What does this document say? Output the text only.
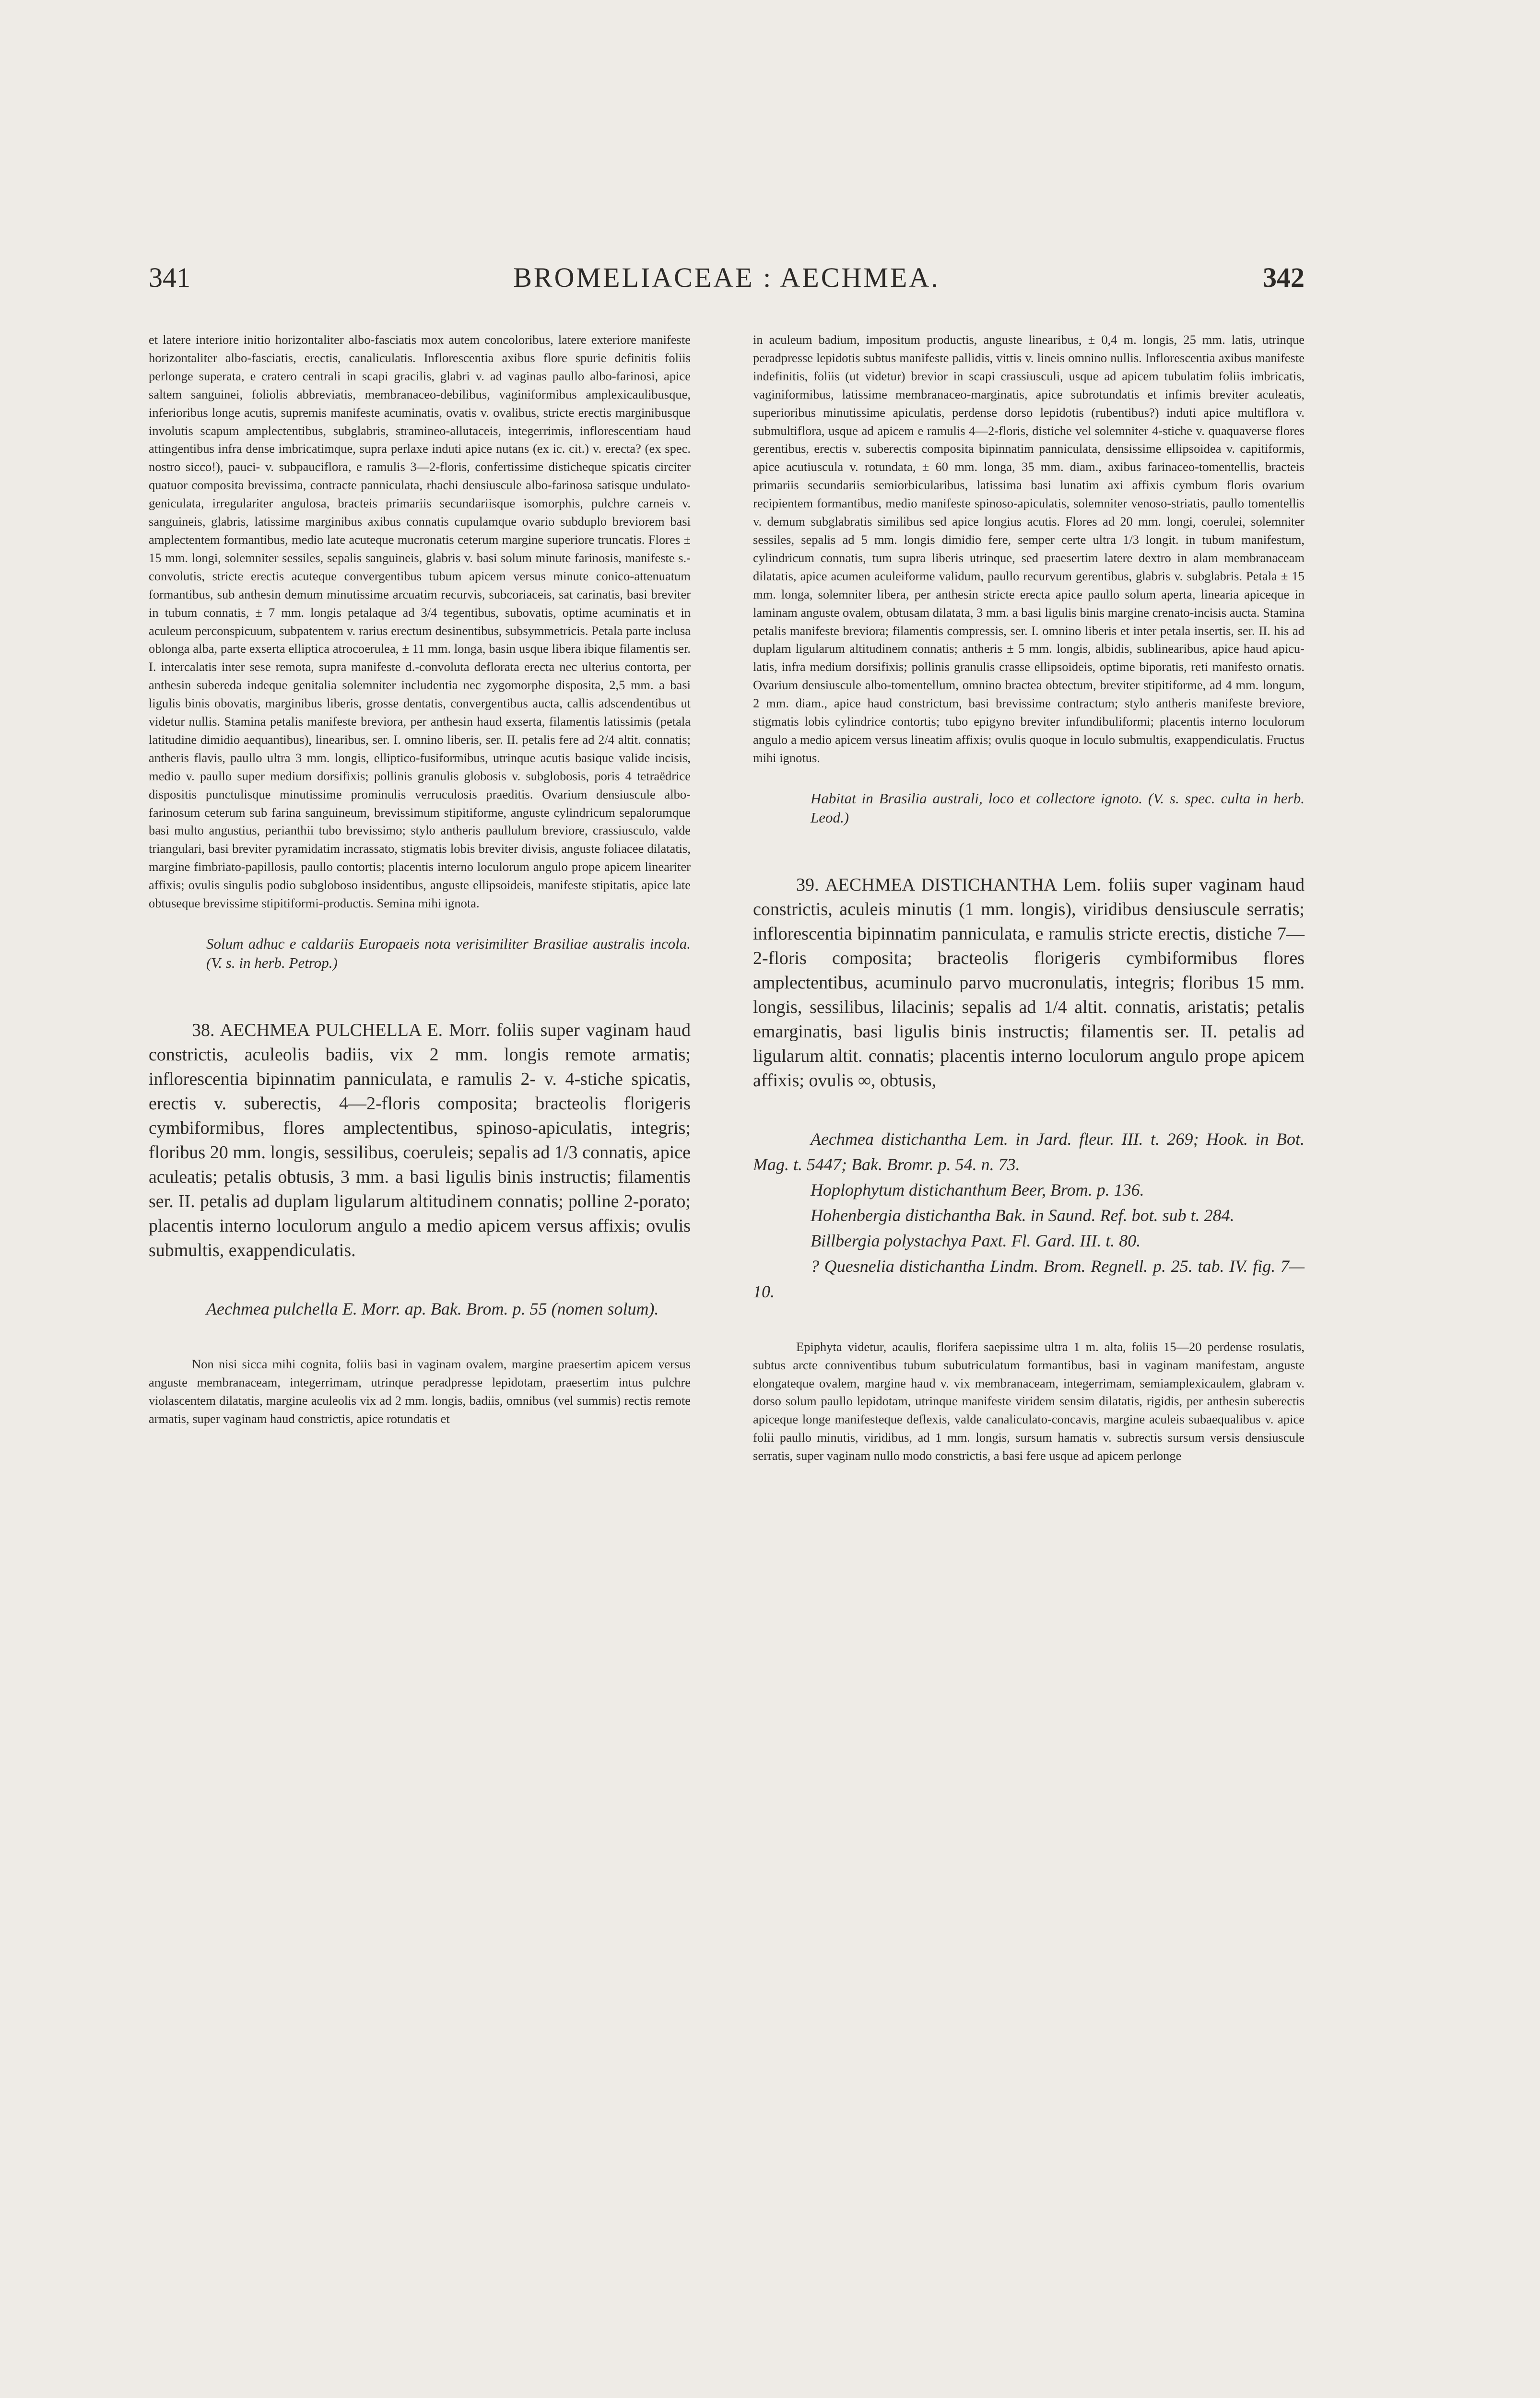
341	BROMELIACEAE : AECHMEA.	342

et latere interiore initio horizontaliter albo-fasciatis mox autem concoloribus, latere exteriore manifeste horizontaliter albo-fasciatis, erectis, canaliculatis. Inflorescentia axibus flore spurie definitis foliis perlonge superata, e cratero centrali in scapi gracilis, glabri v. ad vaginas paullo albo-farinosi, apice saltem sanguinei, foliolis abbreviatis, membranaceo-debilibus, vaginiformibus amplexicaulibusque, inferioribus longe acutis, supremis manifeste acuminatis, ovatis v. ovalibus, stricte erectis marginibusque involutis scapum amplectentibus, subglabris, stramineo-allutaceis, integerrimis, inflorescentiam haud attingentibus infra dense imbricatimque, supra perlaxe induti apice nutans (ex ic. cit.) v. erecta? (ex spec. nostro sicco!), pauci- v. subpauciflora, e ramulis 3—2-floris, confertissime disticheque spicatis circiter quatuor composita brevissima, contracte panniculata, rhachi densiuscule albo-farinosa satisque undulato-geniculata, irregulariter angulosa, bracteis primariis secundariisque isomorphis, pulchre carneis v. sanguineis, glabris, latissime marginibus axibus connatis cupulamque ovario subduplo breviorem basi amplectentem formantibus, medio late acuteque mucronatis ceterum margine superiore truncatis. Flores ± 15 mm. longi, solemniter sessiles, sepalis sanguineis, glabris v. basi solum minute farinosis, manifeste s.-convolutis, stricte erectis acuteque convergentibus tubum apicem versus minute conico-attenuatum formantibus, sub anthesin demum minutissime arcuatim recurvis, subcoriaceis, sat carinatis, basi breviter in tubum connatis, ± 7 mm. longis petalaque ad 3/4 tegentibus, subovatis, optime acuminatis et in aculeum perconspicuum, subpatentem v. rarius erectum desinentibus, subsymmetricis. Petala parte inclusa oblonga alba, parte exserta elliptica atrocoerulea, ± 11 mm. longa, basin usque libera ibique filamentis ser. I. intercalatis inter sese remota, supra manifeste d.-convoluta deflorata erecta nec ulterius contorta, per anthesin subereda indeque genitalia solemniter includentia nec zygomorphe disposita, 2,5 mm. a basi ligulis binis obovatis, marginibus liberis, grosse dentatis, convergentibus aucta, callis adscendentibus ut videtur nullis. Stamina petalis manifeste breviora, per anthesin haud exserta, filamentis latissimis (petala latitudine dimidio aequantibus), linearibus, ser. I. omnino liberis, ser. II. petalis fere ad 2/4 altit. connatis; antheris flavis, paullo ultra 3 mm. longis, elliptico-fusiformibus, utrinque acutis basique valide incisis, medio v. paullo super medium dorsifixis; pollinis granulis globosis v. subglobosis, poris 4 tetraëdrice dispositis punctulisque minutissime prominulis verruculosis praeditis. Ovarium densiuscule albo-farinosum ceterum sub farina sanguineum, brevissimum stipitiforme, anguste cylindricum sepalorumque basi multo angustius, perianthii tubo brevissimo; stylo antheris paullulum breviore, crassiusculo, valde triangulari, basi breviter pyramidatim incrassato, stigmatis lobis breviter divisis, anguste foliacee dilatatis, margine fimbriato-papillosis, paullo contortis; placentis interno loculorum angulo prope apicem lineariter affixis; ovulis singulis podio subgloboso insidentibus, anguste ellipsoideis, manifeste stipitatis, apice late obtuseque brevissime stipitiformi-productis. Semina mihi ignota.

Solum adhuc e caldariis Europaeis nota verisimiliter Brasiliae australis incola. (V. s. in herb. Petrop.)

38. AECHMEA PULCHELLA E. Morr. foliis super vaginam haud constrictis, aculeolis badiis, vix 2 mm. longis remote armatis; inflorescentia bipinnatim panniculata, e ramulis 2- v. 4-stiche spicatis, erectis v. suberectis, 4—2-floris composita; bracteolis florigeris cymbiformibus, flores amplectentibus, spinoso-apiculatis, integris; floribus 20 mm. longis, sessilibus, coeruleis; sepalis ad 1/3 connatis, apice aculeatis; petalis obtusis, 3 mm. a basi ligulis binis instructis; filamentis ser. II. petalis ad duplam ligularum altitudinem connatis; polline 2-porato; placentis interno loculorum angulo a medio apicem versus affixis; ovulis submultis, exappendiculatis.

Aechmea pulchella E. Morr. ap. Bak. Brom. p. 55 (nomen solum).

Non nisi sicca mihi cognita, foliis basi in vaginam ovalem, margine praesertim apicem versus anguste membranaceam, integerrimam, utrinque peradpresse lepidotam, praesertim intus pulchre violascentem dilatatis, margine aculeolis vix ad 2 mm. longis, badiis, omnibus (vel summis) rectis remote armatis, super vaginam haud constrictis, apice rotundatis et

in aculeum badium, impositum productis, anguste linearibus, ± 0,4 m. longis, 25 mm. latis, utrinque peradpresse lepidotis subtus manifeste pallidis, vittis v. lineis omnino nullis. Inflorescentia axibus manifeste indefinitis, foliis (ut videtur) brevior in scapi crassiusculi, usque ad apicem tubulatim foliis imbricatis, vaginiformibus, latissime membranaceo-marginatis, apice subrotundatis et infimis breviter aculeatis, superioribus minutissime apiculatis, perdense dorso lepidotis (rubentibus?) induti apice multiflora v. submultiflora, usque ad apicem e ramulis 4—2-floris, distiche vel solemniter 4-stiche v. quaquaverse flores gerentibus, erectis v. suberectis composita bipinnatim panniculata, densissime ellipsoidea v. capitiformis, apice acutiuscula v. rotundata, ± 60 mm. longa, 35 mm. diam., axibus farinaceo-tomentellis, bracteis primariis secundariis semiorbicularibus, latissima basi lunatim axi affixis cymbum floris ovarium recipientem formantibus, medio manifeste spinoso-apiculatis, solemniter venoso-striatis, paullo tomentellis v. demum subglabratis similibus sed apice longius acutis. Flores ad 20 mm. longi, coerulei, solemniter sessiles, sepalis ad 5 mm. longis dimidio fere, semper certe ultra 1/3 longit. in tubum manifestum, cylindricum connatis, tum supra liberis utrinque, sed praesertim latere dextro in alam membranaceam dilatatis, apice acumen aculeiforme validum, paullo recurvum gerentibus, glabris v. subglabris. Petala ± 15 mm. longa, solemniter libera, per anthesin stricte erecta apice paullo solum aperta, linearia apiceque in laminam anguste ovalem, obtusam dilatata, 3 mm. a basi ligulis binis margine crenato-incisis aucta. Stamina petalis manifeste breviora; filamentis compressis, ser. I. omnino liberis et inter petala insertis, ser. II. his ad duplam ligularum altitudinem connatis; antheris ± 5 mm. longis, albidis, sublinearibus, apice haud apiculatis, infra medium dorsifixis; pollinis granulis crasse ellipsoideis, optime biporatis, reti manifesto ornatis. Ovarium densiuscule albo-tomentellum, omnino bractea obtectum, breviter stipitiforme, ad 4 mm. longum, 2 mm. diam., apice haud constrictum, basi brevissime contractum; stylo antheris manifeste breviore, stigmatis lobis cylindrice contortis; tubo epigyno breviter infundibuliformi; placentis interno loculorum angulo a medio apicem versus lineatim affixis; ovulis quoque in loculo submultis, exappendiculatis. Fructus mihi ignotus.

Habitat in Brasilia australi, loco et collectore ignoto. (V. s. spec. culta in herb. Leod.)

39. AECHMEA DISTICHANTHA Lem. foliis super vaginam haud constrictis, aculeis minutis (1 mm. longis), viridibus densiuscule serratis; inflorescentia bipinnatim panniculata, e ramulis stricte erectis, distiche 7—2-floris composita; bracteolis florigeris cymbiformibus flores amplectentibus, acuminulo parvo mucronulatis, integris; floribus 15 mm. longis, sessilibus, lilacinis; sepalis ad 1/4 altit. connatis, aristatis; petalis emarginatis, basi ligulis binis instructis; filamentis ser. II. petalis ad ligularum altit. connatis; placentis interno loculorum angulo prope apicem affixis; ovulis ∞, obtusis,

Aechmea distichantha Lem. in Jard. fleur. III. t. 269; Hook. in Bot. Mag. t. 5447; Bak. Bromr. p. 54. n. 73.

Hoplophytum distichanthum Beer, Brom. p. 136.

Hohenbergia distichantha Bak. in Saund. Ref. bot. sub t. 284.

Billbergia polystachya Paxt. Fl. Gard. III. t. 80.

? Quesnelia distichantha Lindm. Brom. Regnell. p. 25. tab. IV. fig. 7—10.

Epiphyta videtur, acaulis, florifera saepissime ultra 1 m. alta, foliis 15—20 perdense rosulatis, subtus arcte conniventibus tubum subutriculatum formantibus, basi in vaginam manifestam, anguste elongateque ovalem, margine haud v. vix membranaceam, integerrimam, semiamplexicaulem, glabram v. dorso solum paullo lepidotam, utrinque manifeste viridem sensim dilatatis, rigidis, per anthesin suberectis apiceque longe manifesteque deflexis, valde canaliculato-concavis, margine aculeis subaequalibus v. apice folii paullo minutis, viridibus, ad 1 mm. longis, sursum hamatis v. subrectis sursum versis densiuscule serratis, super vaginam nullo modo constrictis, a basi fere usque ad apicem perlonge
